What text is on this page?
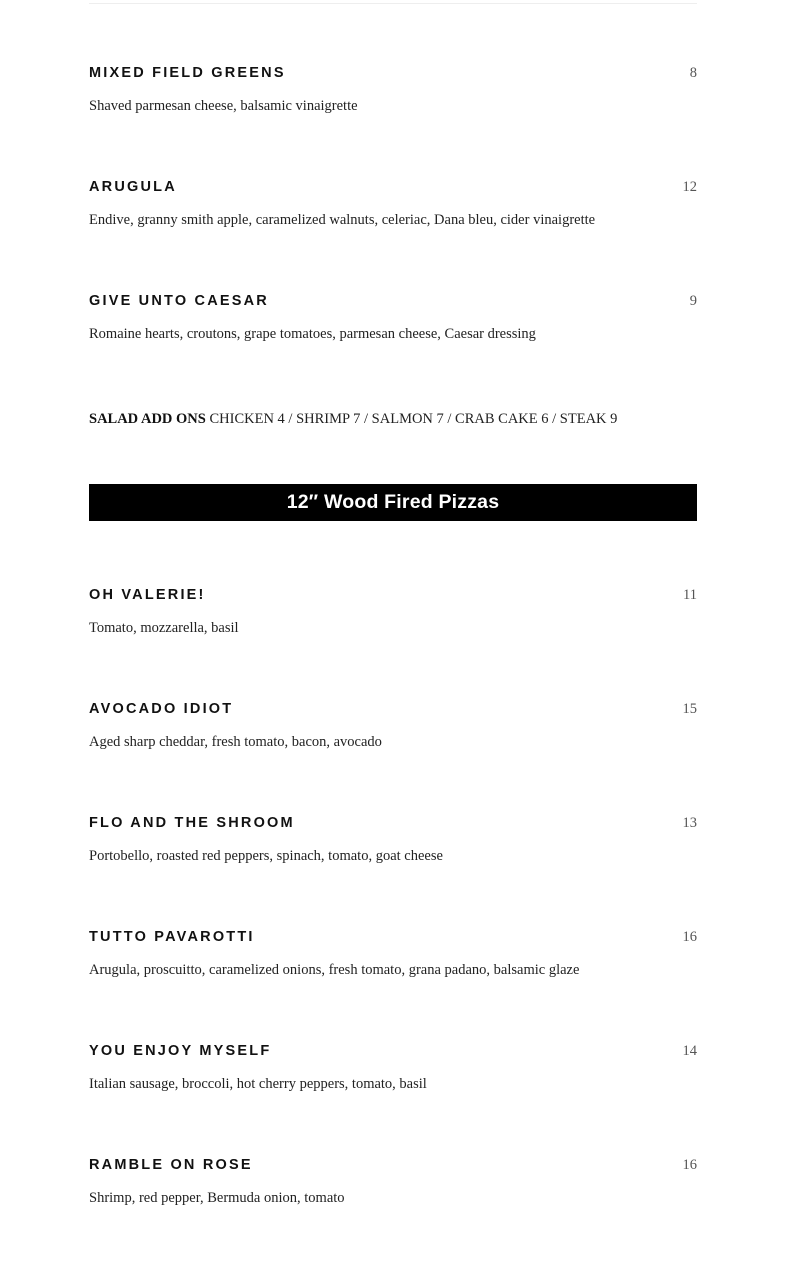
MIXED FIELD GREENS	8
Shaved parmesan cheese, balsamic vinaigrette
ARUGULA	12
Endive, granny smith apple, caramelized walnuts, celeriac, Dana bleu, cider vinaigrette
GIVE UNTO CAESAR	9
Romaine hearts, croutons, grape tomatoes, parmesan cheese, Caesar dressing
SALAD ADD ONS CHICKEN 4 / SHRIMP 7 / SALMON 7 / CRAB CAKE 6 / STEAK 9
12″ Wood Fired Pizzas
OH VALERIE!	11
Tomato, mozzarella, basil
AVOCADO IDIOT	15
Aged sharp cheddar, fresh tomato, bacon, avocado
FLO AND THE SHROOM	13
Portobello, roasted red peppers, spinach, tomato, goat cheese
TUTTO PAVAROTTI	16
Arugula, proscuitto, caramelized onions, fresh tomato, grana padano, balsamic glaze
YOU ENJOY MYSELF	14
Italian sausage, broccoli, hot cherry peppers, tomato, basil
RAMBLE ON ROSE	16
Shrimp, red pepper, Bermuda onion, tomato
